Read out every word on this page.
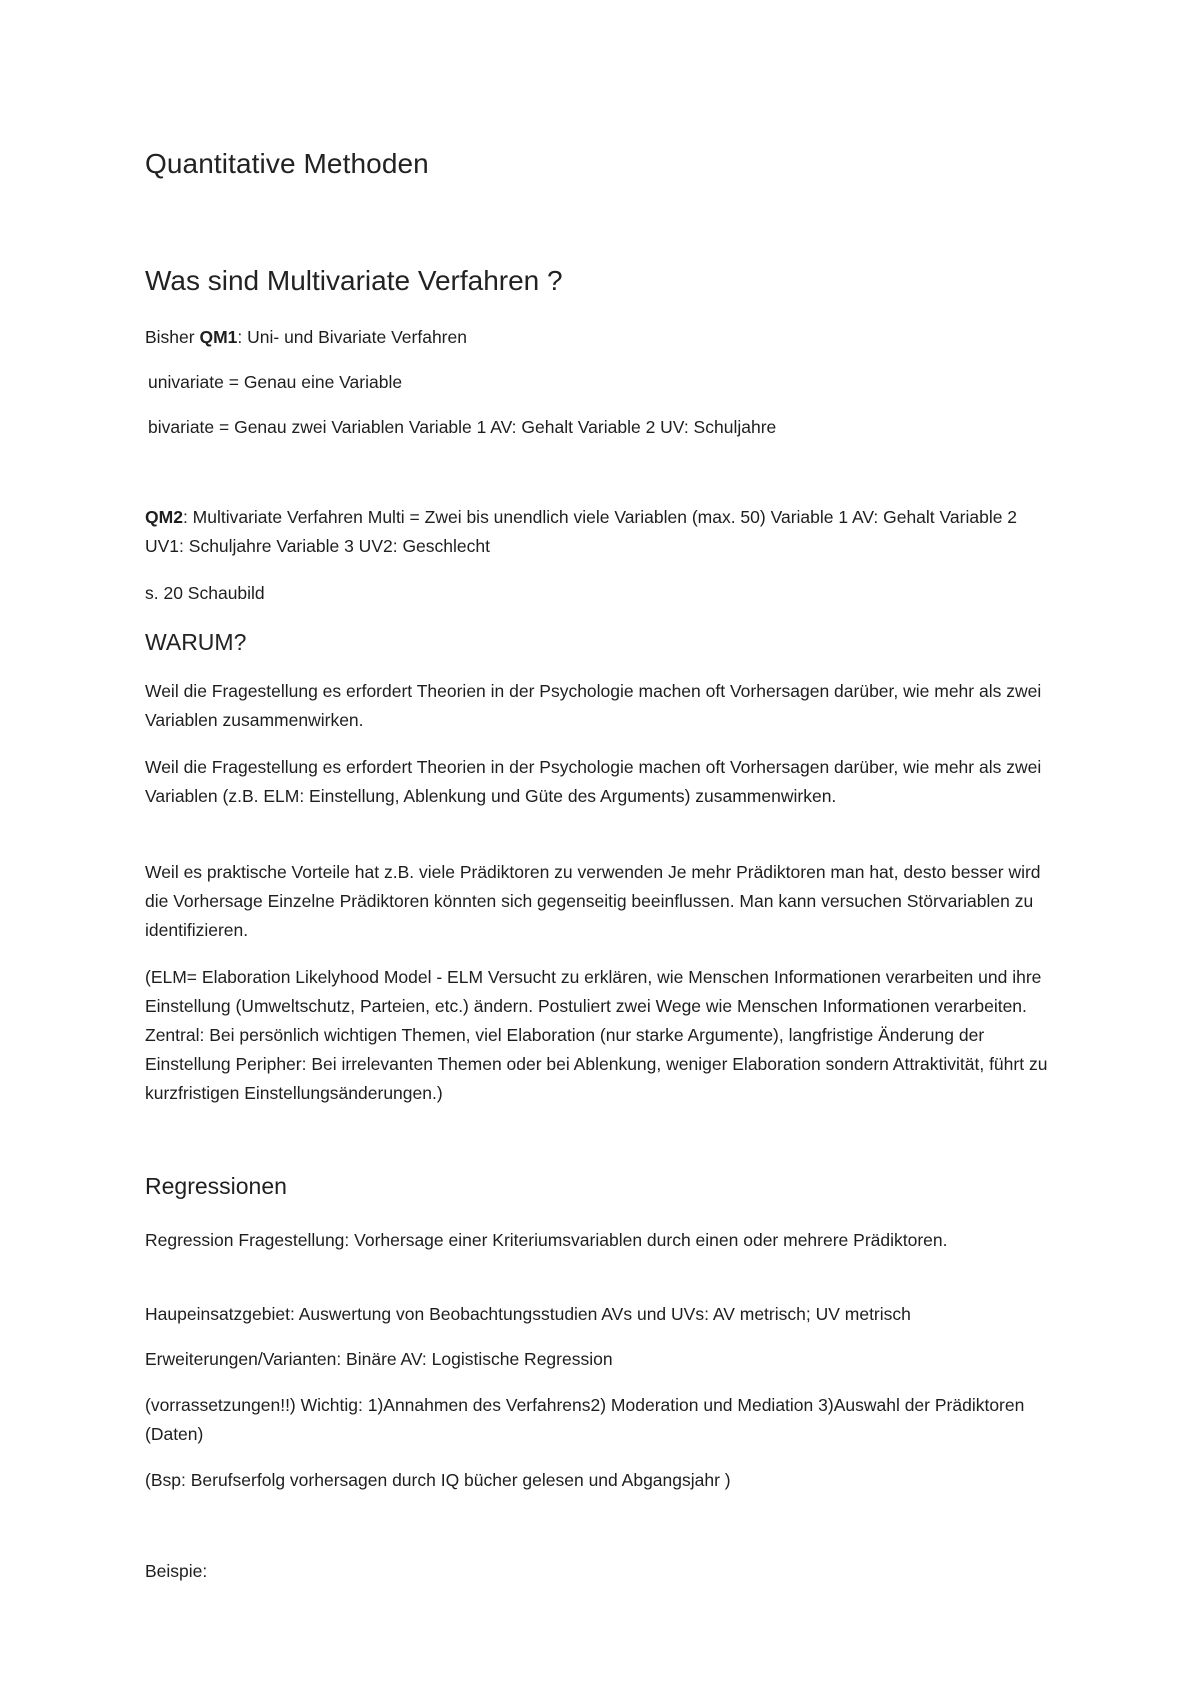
Quantitative Methoden
Was sind Multivariate Verfahren ?

Bisher QM1: Uni- und Bivariate Verfahren

univariate = Genau eine Variable

bivariate = Genau zwei Variablen Variable 1 AV: Gehalt Variable 2 UV: Schuljahre

QM2: Multivariate Verfahren Multi = Zwei bis unendlich viele Variablen (max. 50) Variable 1 AV: Gehalt Variable 2 UV1: Schuljahre Variable 3 UV2: Geschlecht

s. 20 Schaubild

WARUM?

Weil die Fragestellung es erfordert Theorien in der Psychologie machen oft Vorhersagen darüber, wie mehr als zwei Variablen zusammenwirken.

Weil die Fragestellung es erfordert Theorien in der Psychologie machen oft Vorhersagen darüber, wie mehr als zwei Variablen (z.B. ELM: Einstellung, Ablenkung und Güte des Arguments) zusammenwirken.

Weil es praktische Vorteile hat z.B. viele Prädiktoren zu verwenden Je mehr Prädiktoren man hat, desto besser wird die Vorhersage Einzelne Prädiktoren könnten sich gegenseitig beeinflussen. Man kann versuchen Störvariablen zu identifizieren.

(ELM= Elaboration Likelyhood Model - ELM Versucht zu erklären, wie Menschen Informationen verarbeiten und ihre Einstellung (Umweltschutz, Parteien, etc.) ändern. Postuliert zwei Wege wie Menschen Informationen verarbeiten. Zentral: Bei persönlich wichtigen Themen, viel Elaboration (nur starke Argumente), langfristige Änderung der Einstellung Peripher: Bei irrelevanten Themen oder bei Ablenkung, weniger Elaboration sondern Attraktivität, führt zu kurzfristigen Einstellungsänderungen.)

Regressionen

Regression Fragestellung: Vorhersage einer Kriteriumsvariablen durch einen oder mehrere Prädiktoren.

Haupeinsatzgebiet: Auswertung von Beobachtungsstudien AVs und UVs: AV metrisch; UV metrisch

Erweiterungen/Varianten: Binäre AV: Logistische Regression

(vorrassetzungen!!) Wichtig: 1)Annahmen des Verfahrens2) Moderation und Mediation 3)Auswahl der Prädiktoren (Daten)

(Bsp: Berufserfolg vorhersagen durch IQ bücher gelesen und Abgangsjahr )

Beispie:
